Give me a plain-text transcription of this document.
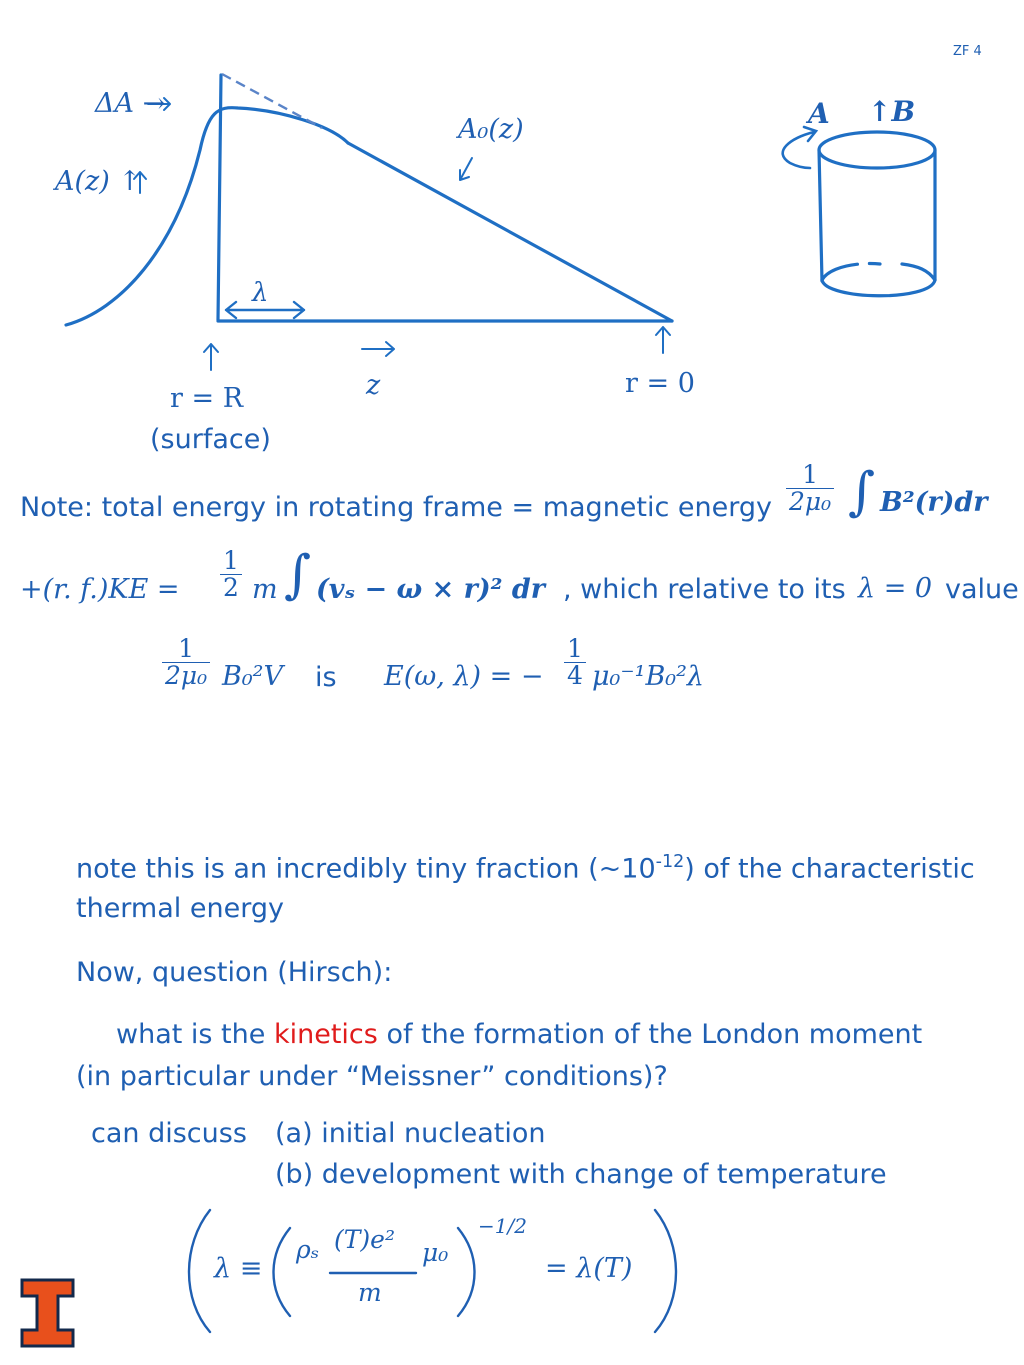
ZF 4
ΔA →
A(z) ↑
A₀(z)
λ
r = R
(surface)
z	r = 0
A ↑B
Note: total energy in rotating frame = magnetic energy $\frac{1}{\text{2μ₀}}$ ∫ B²(r)dr
+(r. $f.)KE = \frac{1}{2}$ m ∫ (vₛ − ω × r)² dr , which relative to its λ = 0 value
$\frac{1}{\text{2μ₀}} B_0^2V$ is E(ω, λ) = − $\frac{1}{4} \mu_0^{-1}B_0^2\lambda$
note this is an incredibly tiny fraction $(\sim 10^{-12})$ of the characteristic
thermal energy
Now, question (Hirsch):
what is the kinetics of the formation of the London moment
(in particular under “Meissner” conditions)?
can discuss (a) initial nucleation
(b) development with change of temperature
λ ≡
ρₛ (T)e²
m
μ₀
−1/2
= λ(T)
